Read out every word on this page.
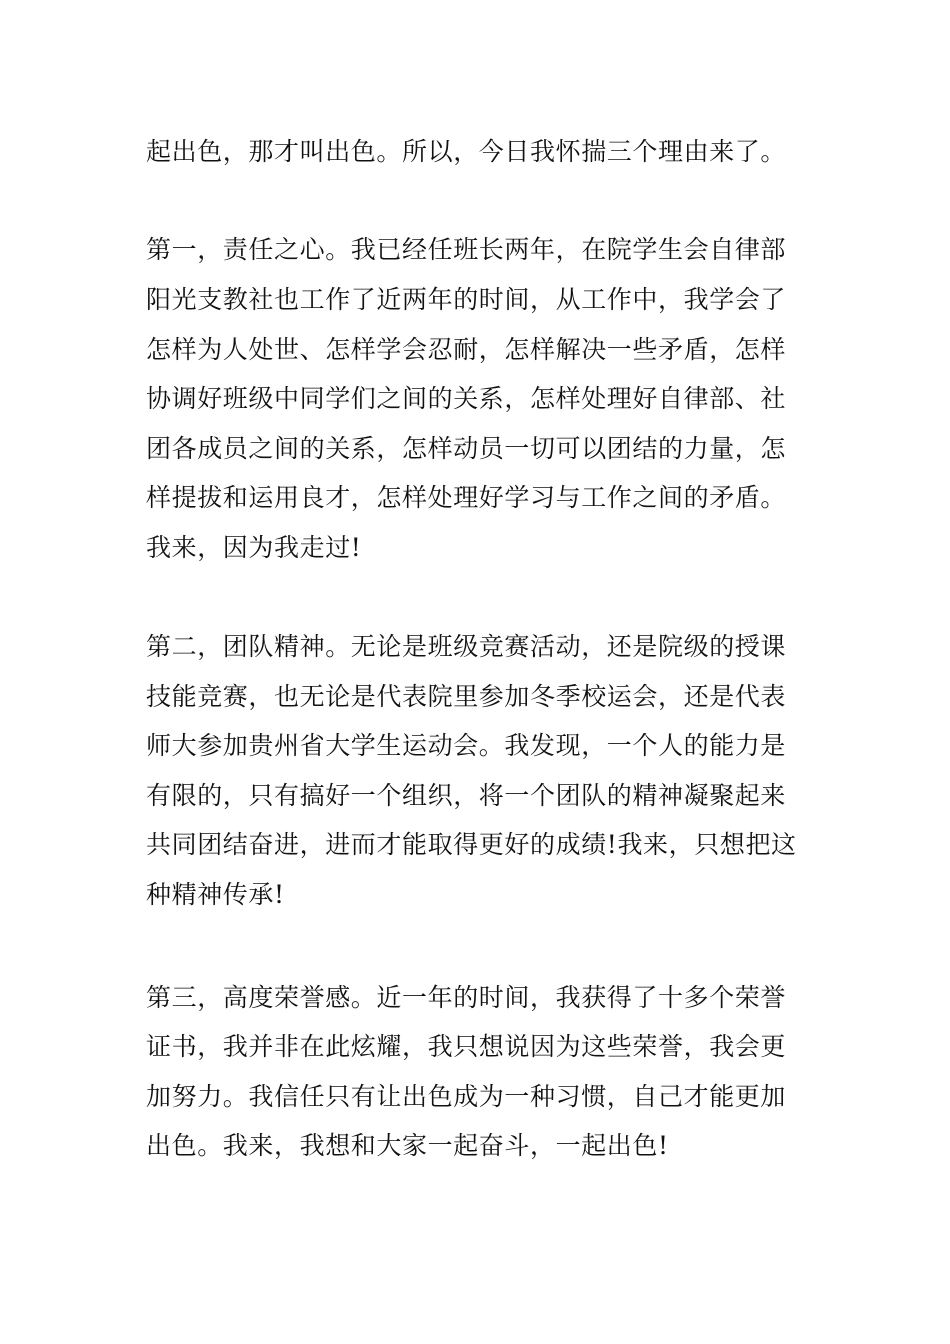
起出色，那才叫出色。所以，今日我怀揣三个理由来了。
第一，责任之心。我已经任班长两年，在院学生会自律部
阳光支教社也工作了近两年的时间，从工作中，我学会了
怎样为人处世、怎样学会忍耐，怎样解决一些矛盾，怎样
协调好班级中同学们之间的关系，怎样处理好自律部、社
团各成员之间的关系，怎样动员一切可以团结的力量，怎
样提拔和运用良才，怎样处理好学习与工作之间的矛盾。
我来，因为我走过!
第二，团队精神。无论是班级竞赛活动，还是院级的授课
技能竞赛，也无论是代表院里参加冬季校运会，还是代表
师大参加贵州省大学生运动会。我发现，一个人的能力是
有限的，只有搞好一个组织，将一个团队的精神凝聚起来
共同团结奋进，进而才能取得更好的成绩!我来，只想把这
种精神传承!
第三，高度荣誉感。近一年的时间，我获得了十多个荣誉
证书，我并非在此炫耀，我只想说因为这些荣誉，我会更
加努力。我信任只有让出色成为一种习惯，自己才能更加
出色。我来，我想和大家一起奋斗，一起出色!
